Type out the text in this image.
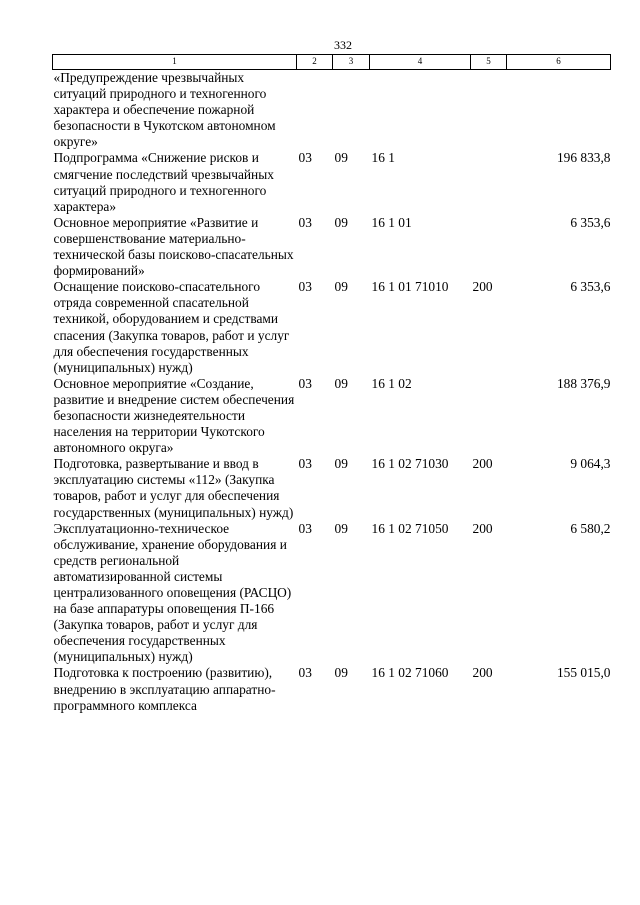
332
1	2	3	4	5	6
«Предупреждение чрезвычайных ситуаций природного и техногенного характера и обеспечение пожарной безопасности в Чукотском автономном округе»					
Подпрограмма «Снижение рисков и смягчение последствий чрезвычайных ситуаций природного и техногенного характера»	03	09	16 1		196 833,8
Основное мероприятие «Развитие и совершенствование материально-технической базы поисково-спасательных формирований»	03	09	16 1 01		6 353,6
Оснащение поисково-спасательного отряда современной спасательной техникой, оборудованием и средствами спасения (Закупка товаров, работ и услуг для обеспечения государственных (муниципальных) нужд)	03	09	16 1 01 71010	200	6 353,6
Основное мероприятие «Создание, развитие и внедрение систем обеспечения безопасности жизнедеятельности населения на территории Чукотского автономного округа»	03	09	16 1 02		188 376,9
Подготовка, развертывание и ввод в эксплуатацию системы «112» (Закупка товаров, работ и услуг для обеспечения государственных (муниципальных) нужд)	03	09	16 1 02 71030	200	9 064,3
Эксплуатационно-техническое обслуживание, хранение оборудования и средств региональной автоматизированной системы централизованного оповещения (РАСЦО) на базе аппаратуры оповещения П-166 (Закупка товаров, работ и услуг для обеспечения государственных (муниципальных) нужд)	03	09	16 1 02 71050	200	6 580,2
Подготовка к построению (развитию), внедрению в эксплуатацию аппаратно-программного комплекса	03	09	16 1 02 71060	200	155 015,0
